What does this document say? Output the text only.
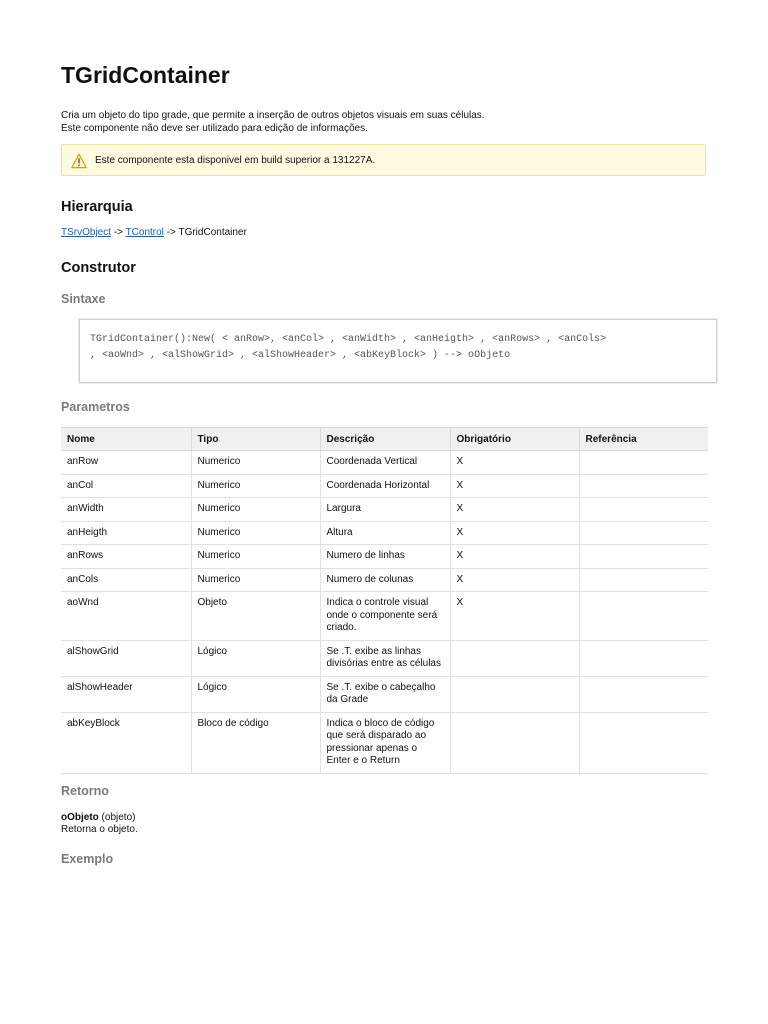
TGridContainer
Cria um objeto do tipo grade, que permite a inserção de outros objetos visuais em suas células.
Este componente não deve ser utilizado para edição de informações.
Este componente esta disponivel em build superior a 131227A.
Hierarquia
TSrvObject -> TControl -> TGridContainer
Construtor
Sintaxe
TGridContainer():New( < anRow>, <anCol> , <anWidth> , <anHeigth> , <anRows> , <anCols>
, <aoWnd> , <alShowGrid> , <alShowHeader> , <abKeyBlock> ) --> oObjeto
Parametros
Nome	Tipo	Descrição	Obrigatório	Referência
anRow	Numerico	Coordenada Vertical	X	
anCol	Numerico	Coordenada Horizontal	X	
anWidth	Numerico	Largura	X	
anHeigth	Numerico	Altura	X	
anRows	Numerico	Numero de linhas	X	
anCols	Numerico	Numero de colunas	X	
aoWnd	Objeto	Indica o controle visual onde o componente será criado.	X	
alShowGrid	Lógico	Se .T. exibe as linhas divisórias entre as células		
alShowHeader	Lógico	Se .T. exibe o cabeçalho da Grade		
abKeyBlock	Bloco de código	Indica o bloco de código que será disparado ao pressionar apenas o Enter e o Return		
Retorno
oObjeto (objeto)
Retorna o objeto.
Exemplo
